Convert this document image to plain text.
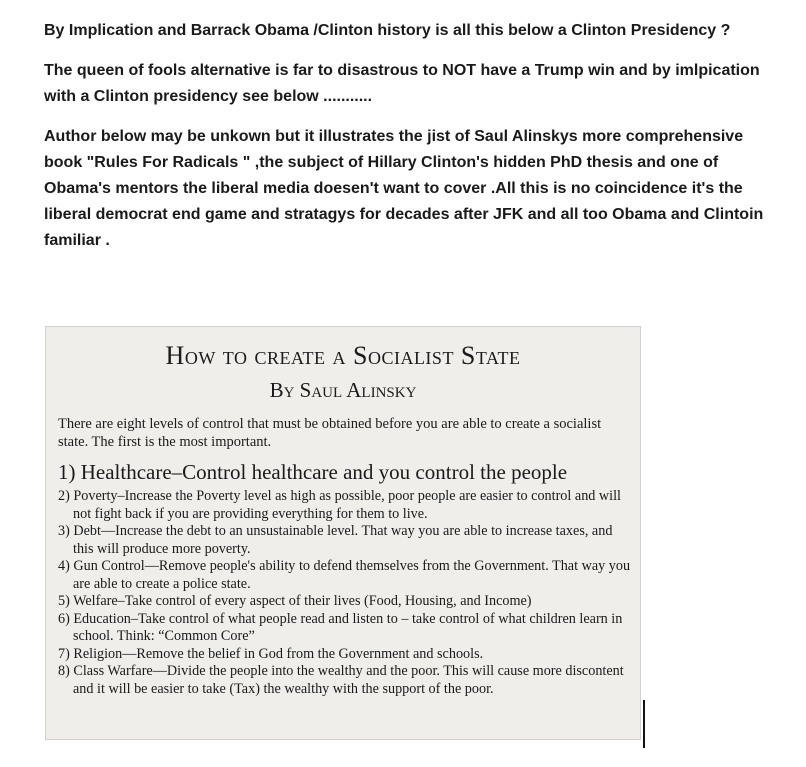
By Implication and Barrack Obama /Clinton history is all this below a Clinton Presidency ?

The queen of fools alternative is far to disastrous to NOT have a Trump win and by imlpication with a Clinton presidency see below ...........

Author below may be unkown but it illustrates the jist of Saul Alinskys more comprehensive book "Rules For Radicals " ,the subject of Hillary Clinton's hidden PhD thesis and one of Obama's mentors the liberal media doesen't want to cover .All this is no coincidence it's the liberal democrat end game and stratagys for decades after JFK and all too Obama and Clintoin familiar .

How to create a Socialist State
By Saul Alinsky
There are eight levels of control that must be obtained before you are able to create a socialist state. The first is the most important.
1) Healthcare–Control healthcare and you control the people
2) Poverty–Increase the Poverty level as high as possible, poor people are easier to control and will not fight back if you are providing everything for them to live.
3) Debt––Increase the debt to an unsustainable level. That way you are able to increase taxes, and this will produce more poverty.
4) Gun Control––Remove people's ability to defend themselves from the Government. That way you are able to create a police state.
5) Welfare–Take control of every aspect of their lives (Food, Housing, and Income)
6) Education–Take control of what people read and listen to – take control of what children learn in school. Think: “Common Core”
7) Religion––Remove the belief in God from the Government and schools.
8) Class Warfare––Divide the people into the wealthy and the poor. This will cause more discontent and it will be easier to take (Tax) the wealthy with the support of the poor.
